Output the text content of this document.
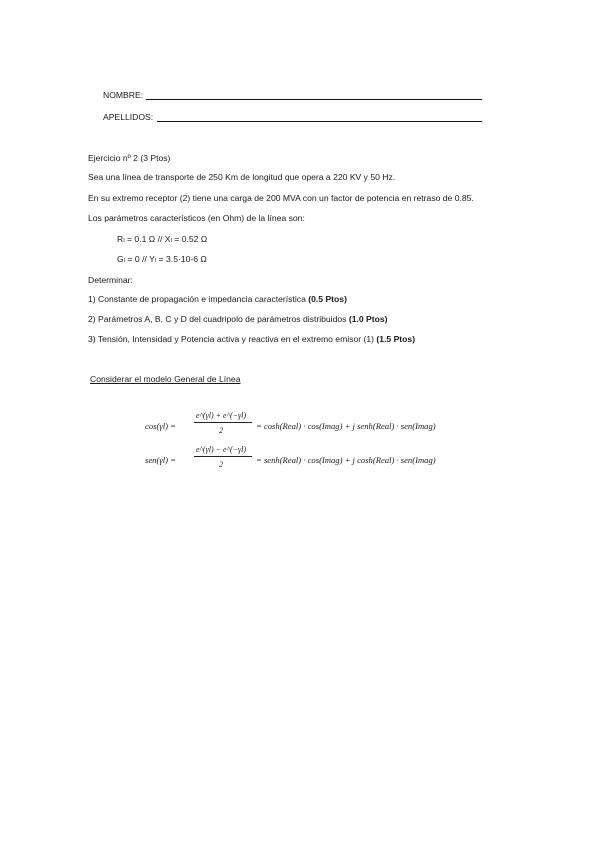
NOMBRE:
APELLIDOS:
Ejercicio nº 2 (3 Ptos)
Sea una línea de transporte de 250 Km de longitud que opera a 220 KV y 50 Hz.
En su extremo receptor (2) tiene una carga de 200 MVA con un factor de potencia en retraso de 0.85.
Los parámetros característicos (en Ohm) de la línea son:
Rₗ = 0.1 Ω // Xₗ = 0.52 Ω
Gₗ = 0 // Yₗ = 3.5·10-6 Ω
Determinar:
1) Constante de propagación e impedancia característica (0.5 Ptos)
2) Parámetros A, B, C y D del cuadripolo de parámetros distribuidos (1.0 Ptos)
3) Tensión, Intensidad y Potencia activa y reactiva en el extremo emisor (1) (1.5 Ptos)
Considerar el modelo General de Línea
cos(γl) =
e^(γl) + e^(−γl)
2	= cosh(Real) · cos(Imag) + j senh(Real) · sen(Imag)
sen(γl) =
e^(γl) − e^(−γl)
2	= senh(Real) · cos(Imag) + j cosh(Real) · sen(Imag)
